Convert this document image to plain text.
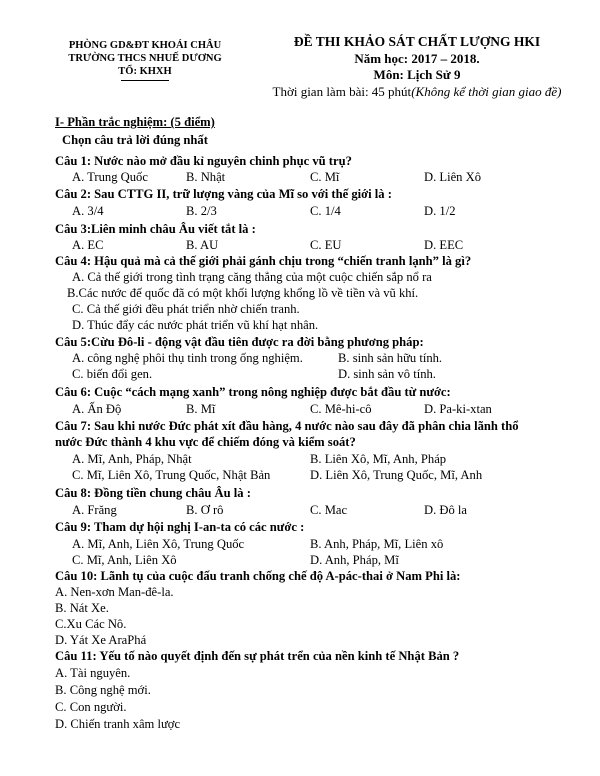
PHÒNG GD&ĐT KHOÁI CHÂU
TRƯỜNG THCS NHUẾ DƯƠNG
TỔ: KHXH
ĐỀ THI KHẢO SÁT CHẤT LƯỢNG HKI
Năm học: 2017 – 2018.
Môn: Lịch Sử 9
Thời gian làm bài: 45 phút(Không kể thời gian giao đề)
I- Phần trắc nghiệm: (5 điểm)
Chọn câu trả lời đúng nhất
Câu 1: Nước nào mở đầu kỉ nguyên chinh phục vũ trụ?
A. Trung Quốc	B. Nhật	C. Mĩ	D. Liên Xô
Câu 2: Sau CTTG II, trữ lượng vàng của Mĩ so với thế giới là :
A. 3/4	B. 2/3	C. 1/4	D. 1/2
Câu 3:Liên minh châu Âu viết tắt là :
A. EC	B. AU	C. EU	D. EEC
Câu 4: Hậu quả mà cả thế giới phải gánh chịu trong “chiến tranh lạnh” là gì?
A. Cả thế giới trong tình trạng căng thẳng của một cuộc chiến sắp nổ ra
B.Các nước đế quốc đã có một khối lượng khổng lồ về tiền và vũ khí.
C. Cả thế giới đều phát triển nhờ chiến tranh.
D. Thúc đẩy các nước phát triển vũ khí hạt nhân.
Câu 5:Cừu Đô-li - động vật đầu tiên được ra đời bằng phương pháp:
A. công nghệ phôi thụ tinh trong ống nghiệm.	B. sinh sản hữu tính.
C. biến đổi gen.	D. sinh sản vô tính.
Câu 6: Cuộc “cách mạng xanh” trong nông nghiệp được bắt đầu từ nước:
A. Ấn Độ	B. Mĩ	C. Mê-hi-cô	D. Pa-ki-xtan
Câu 7: Sau khi nước Đức phát xít đầu hàng, 4 nước nào sau đây đã phân chia lãnh thổ
nước Đức thành 4 khu vực để chiếm đóng và kiểm soát?
A. Mĩ, Anh, Pháp, Nhật	B. Liên Xô, Mĩ, Anh, Pháp
C. Mĩ, Liên Xô, Trung Quốc, Nhật Bản	D. Liên Xô, Trung Quốc, Mĩ, Anh
Câu 8: Đồng tiền chung châu Âu là :
A. Frăng	B. Ơ rô	C. Mac	D. Đô la
Câu 9: Tham dự hội nghị I-an-ta có các nước :
A. Mĩ, Anh, Liên Xô, Trung Quốc	B. Anh, Pháp, Mĩ, Liên xô
C. Mĩ, Anh, Liên Xô	D. Anh, Pháp, Mĩ
Câu 10: Lãnh tụ của cuộc đấu tranh chống chế độ A-pác-thai ở Nam Phi là:
A. Nen-xơn Man-đê-la.
B. Nát Xe.
C.Xu Các Nô.
D. Yát Xe AraPhá
Câu 11: Yếu tố nào quyết định đến sự phát trển của nền kinh tế Nhật Bản ?
A. Tài nguyên.
B. Công nghệ mới.
C. Con người.
D. Chiến tranh xâm lược
